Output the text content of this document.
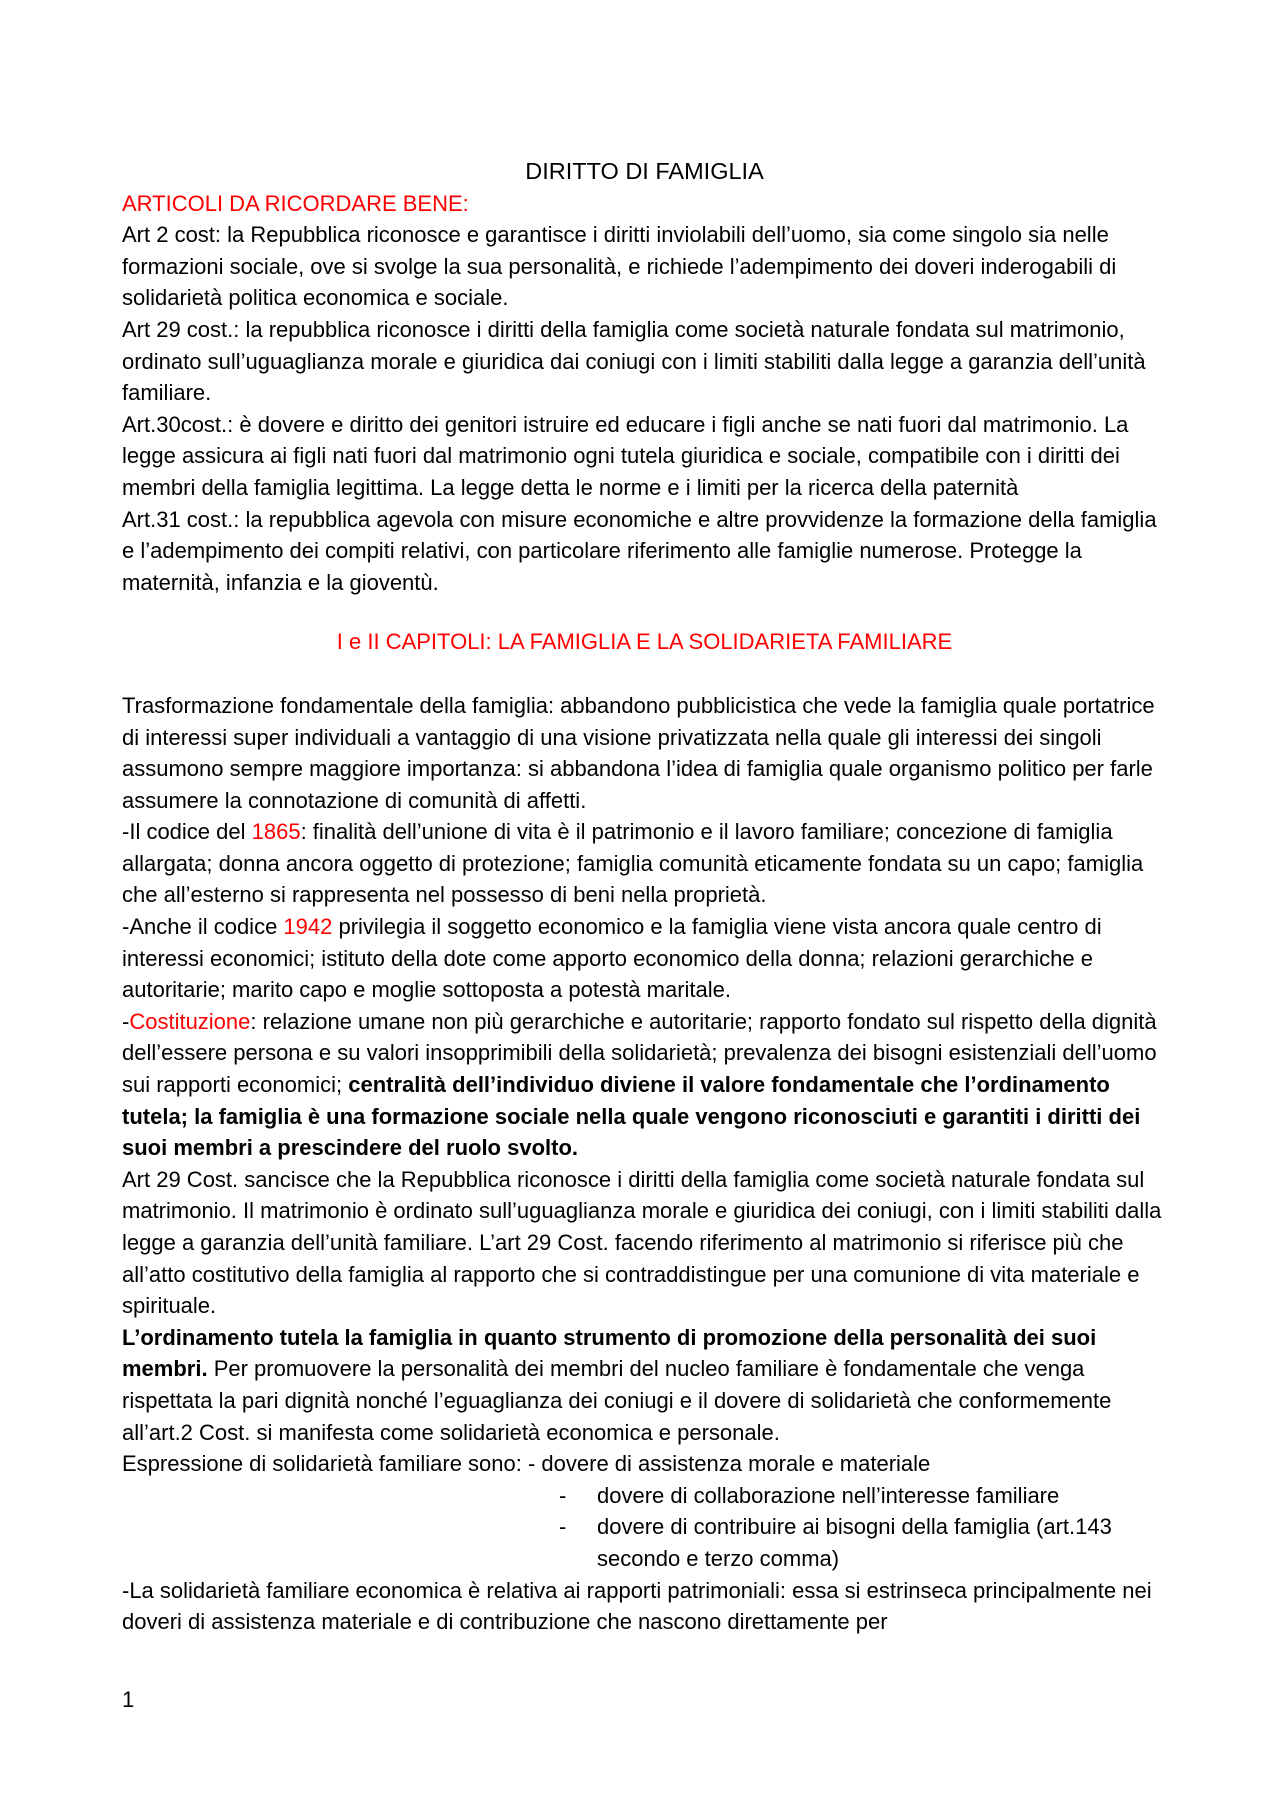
DIRITTO DI FAMIGLIA

ARTICOLI DA RICORDARE BENE:

Art 2 cost: la Repubblica riconosce e garantisce i diritti inviolabili dell’uomo, sia come singolo sia nelle formazioni sociale, ove si svolge la sua personalità, e richiede l’adempimento dei doveri inderogabili di solidarietà politica economica e sociale.

Art 29 cost.: la repubblica riconosce i diritti della famiglia come società naturale fondata sul matrimonio, ordinato sull’uguaglianza morale e giuridica dai coniugi con i limiti stabiliti dalla legge a garanzia dell’unità familiare.

Art.30cost.: è dovere e diritto dei genitori istruire ed educare i figli anche se nati fuori dal matrimonio. La legge assicura ai figli nati fuori dal matrimonio ogni tutela giuridica e sociale, compatibile con i diritti dei membri della famiglia legittima. La legge detta le norme e i limiti per la ricerca della paternità

Art.31 cost.: la repubblica agevola con misure economiche e altre provvidenze la formazione della famiglia e l’adempimento dei compiti relativi, con particolare riferimento alle famiglie numerose. Protegge la maternità, infanzia e la gioventù.

I e II CAPITOLI: LA FAMIGLIA E LA SOLIDARIETA FAMILIARE

Trasformazione fondamentale della famiglia: abbandono pubblicistica che vede la famiglia quale portatrice di interessi super individuali a vantaggio di una visione privatizzata nella quale gli interessi dei singoli assumono sempre maggiore importanza: si abbandona l’idea di famiglia quale organismo politico per farle assumere la connotazione di comunità di affetti.

-Il codice del 1865: finalità dell’unione di vita è il patrimonio e il lavoro familiare; concezione di famiglia allargata; donna ancora oggetto di protezione; famiglia comunità eticamente fondata su un capo; famiglia che all’esterno si rappresenta nel possesso di beni nella proprietà.

-Anche il codice 1942 privilegia il soggetto economico e la famiglia viene vista ancora quale centro di interessi economici; istituto della dote come apporto economico della donna; relazioni gerarchiche e autoritarie; marito capo e moglie sottoposta a potestà maritale.

-Costituzione: relazione umane non più gerarchiche e autoritarie; rapporto fondato sul rispetto della dignità dell’essere persona e su valori insopprimibili della solidarietà; prevalenza dei bisogni esistenziali dell’uomo sui rapporti economici; centralità dell’individuo diviene il valore fondamentale che l’ordinamento tutela; la famiglia è una formazione sociale nella quale vengono riconosciuti e garantiti i diritti dei suoi membri a prescindere del ruolo svolto.

Art 29 Cost. sancisce che la Repubblica riconosce i diritti della famiglia come società naturale fondata sul matrimonio. Il matrimonio è ordinato sull’uguaglianza morale e giuridica dei coniugi, con i limiti stabiliti dalla legge a garanzia dell’unità familiare. L’art 29 Cost. facendo riferimento al matrimonio si riferisce più che all’atto costitutivo della famiglia al rapporto che si contraddistingue per una comunione di vita materiale e spirituale.

L’ordinamento tutela la famiglia in quanto strumento di promozione della personalità dei suoi membri. Per promuovere la personalità dei membri del nucleo familiare è fondamentale che venga rispettata la pari dignità nonché l’eguaglianza dei coniugi e il dovere di solidarietà che conformemente all’art.2 Cost. si manifesta come solidarietà economica e personale.

Espressione di solidarietà familiare sono: - dovere di assistenza morale e materiale

- dovere di collaborazione nell’interesse familiare
- dovere di contribuire ai bisogni della famiglia (art.143 secondo e terzo comma)

-La solidarietà familiare economica è relativa ai rapporti patrimoniali: essa si estrinseca principalmente nei doveri di assistenza materiale e di contribuzione che nascono direttamente per

1
